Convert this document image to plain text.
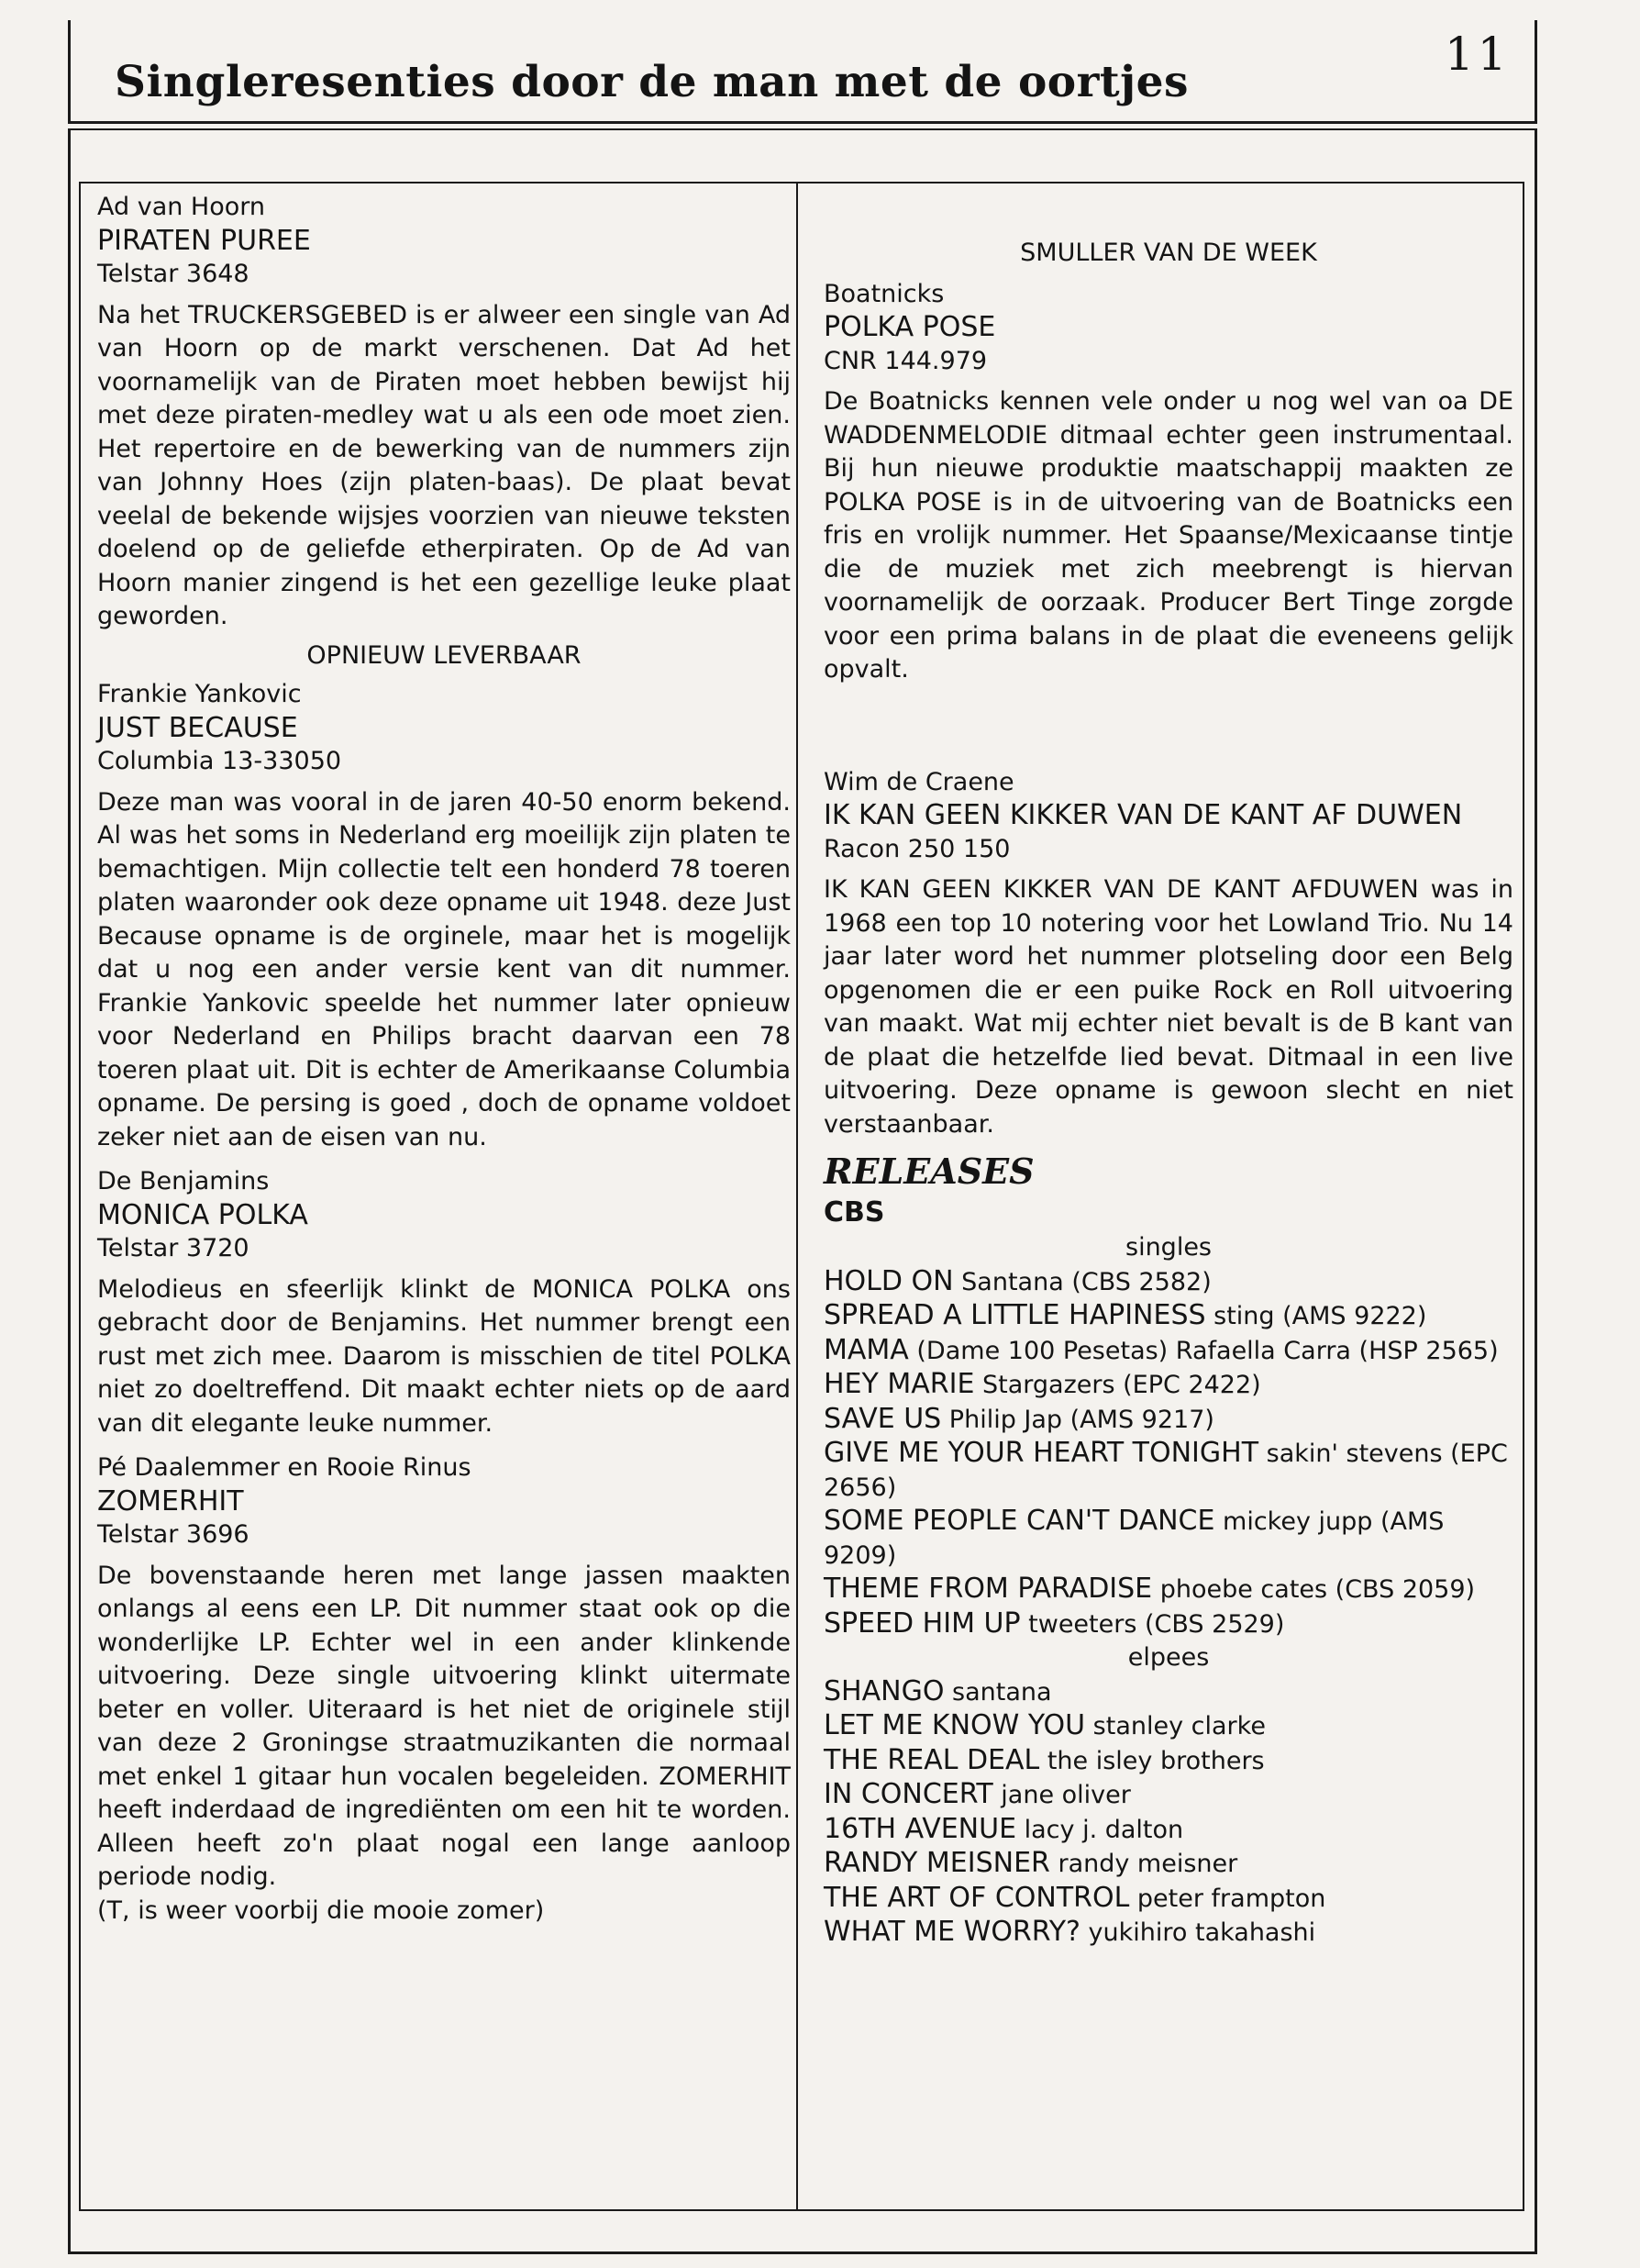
Singleresenties door de man met de oortjes
11

Ad van Hoorn

PIRATEN PUREE

Telstar 3648

Na het TRUCKERSGEBED is er alweer een single van Ad van Hoorn op de markt verschenen. Dat Ad het voornamelijk van de Piraten moet hebben bewijst hij met deze piraten-medley wat u als een ode moet zien. Het repertoire en de bewerking van de nummers zijn van Johnny Hoes (zijn platen-baas). De plaat bevat veelal de bekende wijsjes voorzien van nieuwe teksten doelend op de geliefde etherpiraten. Op de Ad van Hoorn manier zingend is het een gezellige leuke plaat geworden.

OPNIEUW LEVERBAAR

Frankie Yankovic

JUST BECAUSE

Columbia 13-33050

Deze man was vooral in de jaren 40-50 enorm bekend. Al was het soms in Nederland erg moeilijk zijn platen te bemachtigen. Mijn collectie telt een honderd 78 toeren platen waaronder ook deze opname uit 1948. deze Just Because opname is de orginele, maar het is mogelijk dat u nog een ander versie kent van dit nummer. Frankie Yankovic speelde het nummer later opnieuw voor Nederland en Philips bracht daarvan een 78 toeren plaat uit. Dit is echter de Amerikaanse Columbia opname. De persing is goed , doch de opname voldoet zeker niet aan de eisen van nu.

De Benjamins

MONICA POLKA

Telstar 3720

Melodieus en sfeerlijk klinkt de MONICA POLKA ons gebracht door de Benjamins. Het nummer brengt een rust met zich mee. Daarom is misschien de titel POLKA niet zo doeltreffend. Dit maakt echter niets op de aard van dit elegante leuke nummer.

Pé Daalemmer en Rooie Rinus

ZOMERHIT

Telstar 3696

De bovenstaande heren met lange jassen maakten onlangs al eens een LP. Dit nummer staat ook op die wonderlijke LP. Echter wel in een ander klinkende uitvoering. Deze single uitvoering klinkt uitermate beter en voller. Uiteraard is het niet de originele stijl van deze 2 Groningse straatmuzikanten die normaal met enkel 1 gitaar hun vocalen begeleiden. ZOMERHIT heeft inderdaad de ingrediënten om een hit te worden. Alleen heeft zo'n plaat nogal een lange aanloop periode nodig.

(T, is weer voorbij die mooie zomer)

SMULLER VAN DE WEEK

Boatnicks

POLKA POSE

CNR 144.979

De Boatnicks kennen vele onder u nog wel van oa DE WADDENMELODIE ditmaal echter geen instrumentaal. Bij hun nieuwe produktie maatschappij maakten ze POLKA POSE is in de uitvoering van de Boatnicks een fris en vrolijk nummer. Het Spaanse/Mexicaanse tintje die de muziek met zich meebrengt is hiervan voornamelijk de oorzaak. Producer Bert Tinge zorgde voor een prima balans in de plaat die eveneens gelijk opvalt.

Wim de Craene

IK KAN GEEN KIKKER VAN DE KANT AF DUWEN

Racon 250 150

IK KAN GEEN KIKKER VAN DE KANT AFDUWEN was in 1968 een top 10 notering voor het Lowland Trio. Nu 14 jaar later word het nummer plotseling door een Belg opgenomen die er een puike Rock en Roll uitvoering van maakt. Wat mij echter niet bevalt is de B kant van de plaat die hetzelfde lied bevat. Ditmaal in een live uitvoering. Deze opname is gewoon slecht en niet verstaanbaar.

RELEASES

CBS

singles

HOLD ON Santana (CBS 2582)

SPREAD A LITTLE HAPINESS sting (AMS 9222)

MAMA (Dame 100 Pesetas) Rafaella Carra (HSP 2565)

HEY MARIE Stargazers (EPC 2422)

SAVE US Philip Jap (AMS 9217)

GIVE ME YOUR HEART TONIGHT sakin' stevens (EPC 2656)

SOME PEOPLE CAN'T DANCE mickey jupp (AMS 9209)

THEME FROM PARADISE phoebe cates (CBS 2059)

SPEED HIM UP tweeters (CBS 2529)

elpees

SHANGO santana

LET ME KNOW YOU stanley clarke

THE REAL DEAL the isley brothers

IN CONCERT jane oliver

16TH AVENUE lacy j. dalton

RANDY MEISNER randy meisner

THE ART OF CONTROL peter frampton

WHAT ME WORRY? yukihiro takahashi
